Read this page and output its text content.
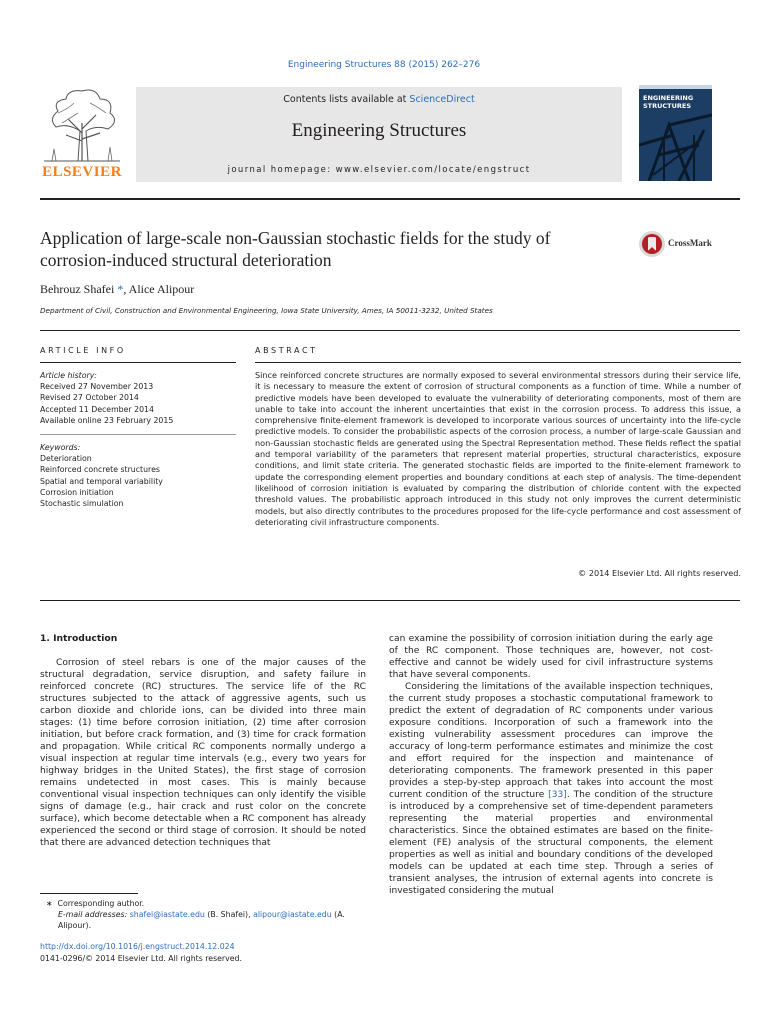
Engineering Structures 88 (2015) 262–276
ELSEVIER
Contents lists available at ScienceDirect
Engineering Structures
journal homepage: www.elsevier.com/locate/engstruct
ENGINEERING
STRUCTURES
Application of large-scale non-Gaussian stochastic fields for the study of
corrosion-induced structural deterioration
CrossMark
Behrouz Shafei *, Alice Alipour
Department of Civil, Construction and Environmental Engineering, Iowa State University, Ames, IA 50011-3232, United States
ARTICLE INFO	ABSTRACT
Article history:
Received 27 November 2013
Revised 27 October 2014
Accepted 11 December 2014
Available online 23 February 2015
Keywords:
Deterioration
Reinforced concrete structures
Spatial and temporal variability
Corrosion initiation
Stochastic simulation
Since reinforced concrete structures are normally exposed to several environmental stressors during their service life, it is necessary to measure the extent of corrosion of structural components as a function of time. While a number of predictive models have been developed to evaluate the vulnerability of deteriorating components, most of them are unable to take into account the inherent uncertainties that exist in the corrosion process. To address this issue, a comprehensive finite-element framework is developed to incorporate various sources of uncertainty into the life-cycle predictive models. To consider the probabilistic aspects of the corrosion process, a number of large-scale Gaussian and non-Gaussian stochastic fields are generated using the Spectral Representation method. These fields reflect the spatial and temporal variability of the parameters that represent material properties, structural characteristics, exposure conditions, and limit state criteria. The generated stochastic fields are imported to the finite-element framework to update the corresponding element properties and boundary conditions at each step of analysis. The time-dependent likelihood of corrosion initiation is evaluated by comparing the distribution of chloride content with the expected threshold values. The probabilistic approach introduced in this study not only improves the current deterministic models, but also directly contributes to the procedures proposed for the life-cycle performance and cost assessment of deteriorating civil infrastructure components.
© 2014 Elsevier Ltd. All rights reserved.
1. Introduction

Corrosion of steel rebars is one of the major causes of the structural degradation, service disruption, and safety failure in reinforced concrete (RC) structures. The service life of the RC structures subjected to the attack of aggressive agents, such us carbon dioxide and chloride ions, can be divided into three main stages: (1) time before corrosion initiation, (2) time after corrosion initiation, but before crack formation, and (3) time for crack formation and propagation. While critical RC components normally undergo a visual inspection at regular time intervals (e.g., every two years for highway bridges in the United States), the first stage of corrosion remains undetected in most cases. This is mainly because conventional visual inspection techniques can only identify the visible signs of damage (e.g., hair crack and rust color on the concrete surface), which become detectable when a RC component has already experienced the second or third stage of corrosion. It should be noted that there are advanced detection techniques that

can examine the possibility of corrosion initiation during the early age of the RC component. Those techniques are, however, not cost-effective and cannot be widely used for civil infrastructure systems that have several components.

Considering the limitations of the available inspection techniques, the current study proposes a stochastic computational framework to predict the extent of degradation of RC components under various exposure conditions. Incorporation of such a framework into the existing vulnerability assessment procedures can improve the accuracy of long-term performance estimates and minimize the cost and effort required for the inspection and maintenance of deteriorating components. The framework presented in this paper provides a step-by-step approach that takes into account the most current condition of the structure [33]. The condition of the structure is introduced by a comprehensive set of time-dependent parameters representing the material properties and environmental characteristics. Since the obtained estimates are based on the finite-element (FE) analysis of the structural components, the element properties as well as initial and boundary conditions of the developed models can be updated at each time step. Through a series of transient analyses, the intrusion of external agents into concrete is investigated considering the mutual

∗  Corresponding author.
E-mail addresses: shafei@iastate.edu (B. Shafei), alipour@iastate.edu (A. Alipour).
http://dx.doi.org/10.1016/j.engstruct.2014.12.024
0141-0296/© 2014 Elsevier Ltd. All rights reserved.
